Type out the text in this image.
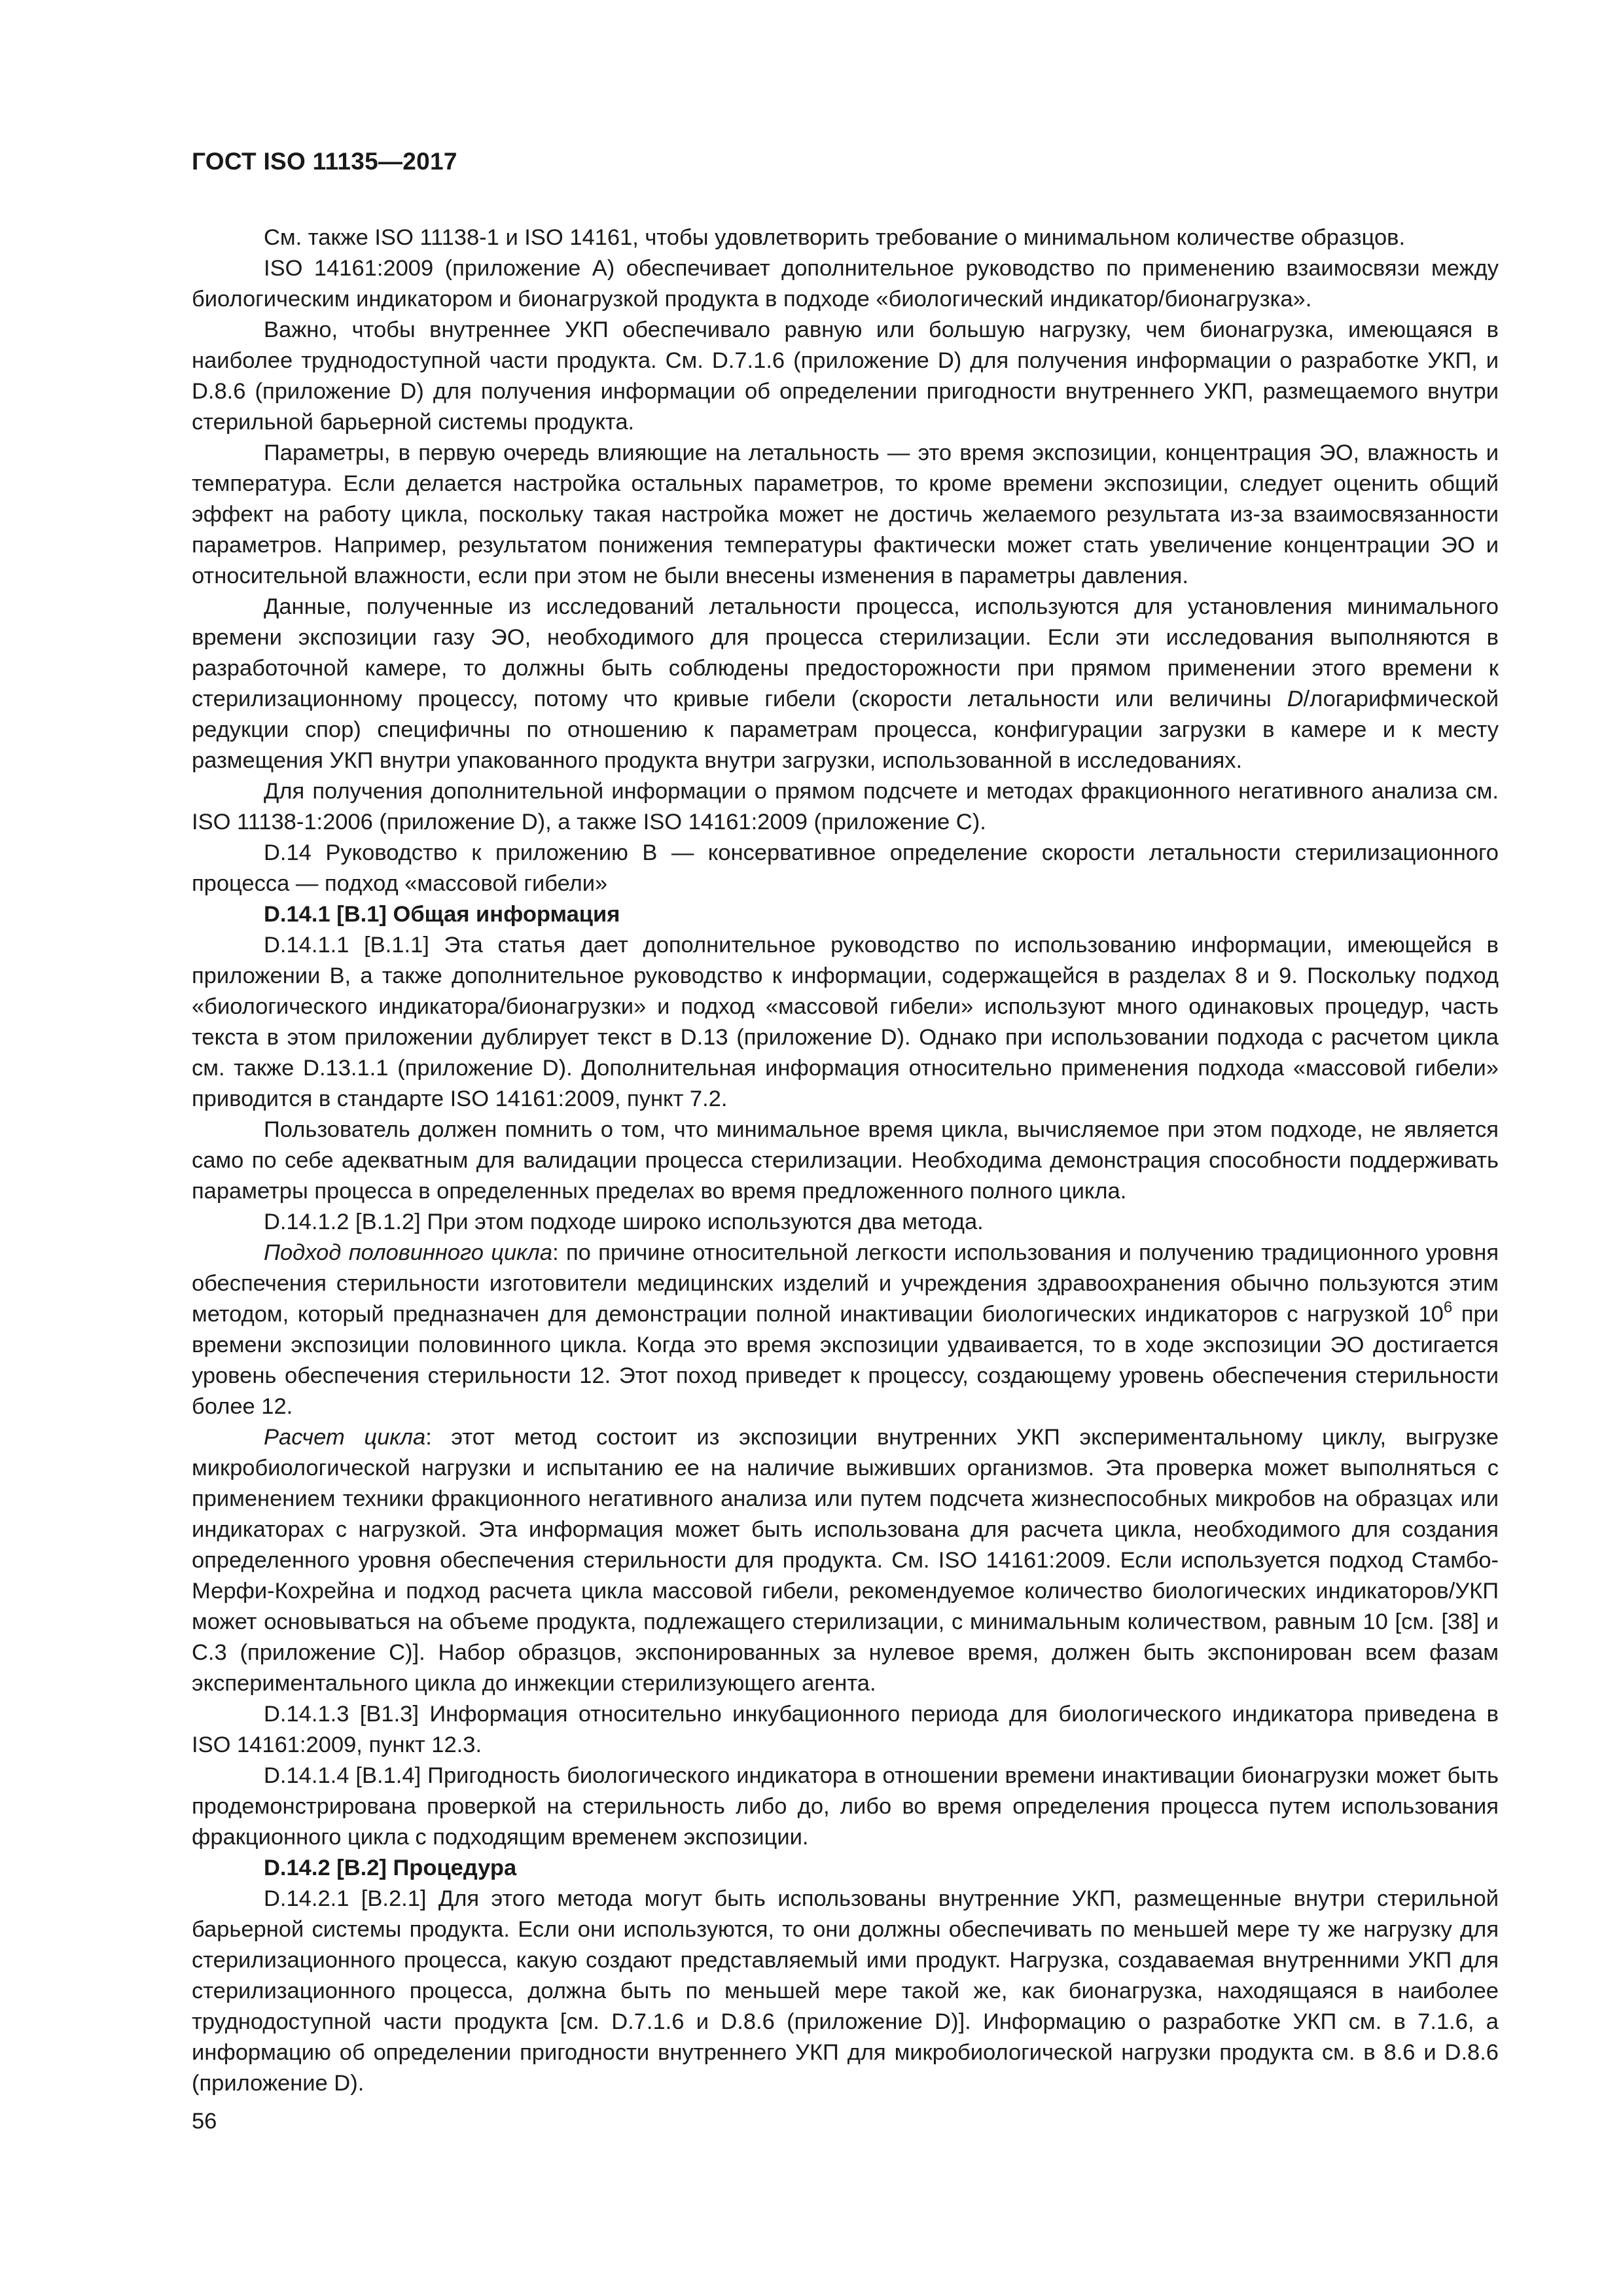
ГОСТ ISO 11135—2017

См. также ISO 11138-1 и ISO 14161, чтобы удовлетворить требование о минимальном количестве образцов.

ISO 14161:2009 (приложение А) обеспечивает дополнительное руководство по применению взаимосвязи между биологическим индикатором и бионагрузкой продукта в подходе «биологический индикатор/бионагрузка».

Важно, чтобы внутреннее УКП обеспечивало равную или большую нагрузку, чем бионагрузка, имеющаяся в наиболее труднодоступной части продукта. См. D.7.1.6 (приложение D) для получения информации о разработке УКП, и D.8.6 (приложение D) для получения информации об определении пригодности внутреннего УКП, размещаемого внутри стерильной барьерной системы продукта.

Параметры, в первую очередь влияющие на летальность — это время экспозиции, концентрация ЭО, влажность и температура. Если делается настройка остальных параметров, то кроме времени экспозиции, следует оценить общий эффект на работу цикла, поскольку такая настройка может не достичь желаемого результата из-за взаимосвязанности параметров. Например, результатом понижения температуры фактически может стать увеличение концентрации ЭО и относительной влажности, если при этом не были внесены изменения в параметры давления.

Данные, полученные из исследований летальности процесса, используются для установления минимального времени экспозиции газу ЭО, необходимого для процесса стерилизации. Если эти исследования выполняются в разработочной камере, то должны быть соблюдены предосторожности при прямом применении этого времени к стерилизационному процессу, потому что кривые гибели (скорости летальности или величины D/логарифмической редукции спор) специфичны по отношению к параметрам процесса, конфигурации загрузки в камере и к месту размещения УКП внутри упакованного продукта внутри загрузки, использованной в исследованиях.

Для получения дополнительной информации о прямом подсчете и методах фракционного негативного анализа см. ISO 11138-1:2006 (приложение D), а также ISO 14161:2009 (приложение С).

D.14 Руководство к приложению В — консервативное определение скорости летальности стерилизационного процесса — подход «массовой гибели»

D.14.1 [В.1] Общая информация

D.14.1.1 [В.1.1] Эта статья дает дополнительное руководство по использованию информации, имеющейся в приложении В, а также дополнительное руководство к информации, содержащейся в разделах 8 и 9. Поскольку подход «биологического индикатора/бионагрузки» и подход «массовой гибели» используют много одинаковых процедур, часть текста в этом приложении дублирует текст в D.13 (приложение D). Однако при использовании подхода с расчетом цикла см. также D.13.1.1 (приложение D). Дополнительная информация относительно применения подхода «массовой гибели» приводится в стандарте ISO 14161:2009, пункт 7.2.

Пользователь должен помнить о том, что минимальное время цикла, вычисляемое при этом подходе, не является само по себе адекватным для валидации процесса стерилизации. Необходима демонстрация способности поддерживать параметры процесса в определенных пределах во время предложенного полного цикла.

D.14.1.2 [В.1.2] При этом подходе широко используются два метода.

Подход половинного цикла: по причине относительной легкости использования и получению традиционного уровня обеспечения стерильности изготовители медицинских изделий и учреждения здравоохранения обычно пользуются этим методом, который предназначен для демонстрации полной инактивации биологических индикаторов с нагрузкой $10^6$ при времени экспозиции половинного цикла. Когда это время экспозиции удваивается, то в ходе экспозиции ЭО достигается уровень обеспечения стерильности 12. Этот поход приведет к процессу, создающему уровень обеспечения стерильности более 12.

Расчет цикла: этот метод состоит из экспозиции внутренних УКП экспериментальному циклу, выгрузке микробиологической нагрузки и испытанию ее на наличие выживших организмов. Эта проверка может выполняться с применением техники фракционного негативного анализа или путем подсчета жизнеспособных микробов на образцах или индикаторах с нагрузкой. Эта информация может быть использована для расчета цикла, необходимого для создания определенного уровня обеспечения стерильности для продукта. См. ISO 14161:2009. Если используется подход Стамбо-Мерфи-Кохрейна и подход расчета цикла массовой гибели, рекомендуемое количество биологических индикаторов/УКП может основываться на объеме продукта, подлежащего стерилизации, с минимальным количеством, равным 10 [см. [38] и С.3 (приложение С)]. Набор образцов, экспонированных за нулевое время, должен быть экспонирован всем фазам экспериментального цикла до инжекции стерилизующего агента.

D.14.1.3 [В1.3] Информация относительно инкубационного периода для биологического индикатора приведена в ISO 14161:2009, пункт 12.3.

D.14.1.4 [В.1.4] Пригодность биологического индикатора в отношении времени инактивации бионагрузки может быть продемонстрирована проверкой на стерильность либо до, либо во время определения процесса путем использования фракционного цикла с подходящим временем экспозиции.

D.14.2 [В.2] Процедура

D.14.2.1 [В.2.1] Для этого метода могут быть использованы внутренние УКП, размещенные внутри стерильной барьерной системы продукта. Если они используются, то они должны обеспечивать по меньшей мере ту же нагрузку для стерилизационного процесса, какую создают представляемый ими продукт. Нагрузка, создаваемая внутренними УКП для стерилизационного процесса, должна быть по меньшей мере такой же, как бионагрузка, находящаяся в наиболее труднодоступной части продукта [см. D.7.1.6 и D.8.6 (приложение D)]. Информацию о разработке УКП см. в 7.1.6, а информацию об определении пригодности внутреннего УКП для микробиологической нагрузки продукта см. в 8.6 и D.8.6 (приложение D).

56
